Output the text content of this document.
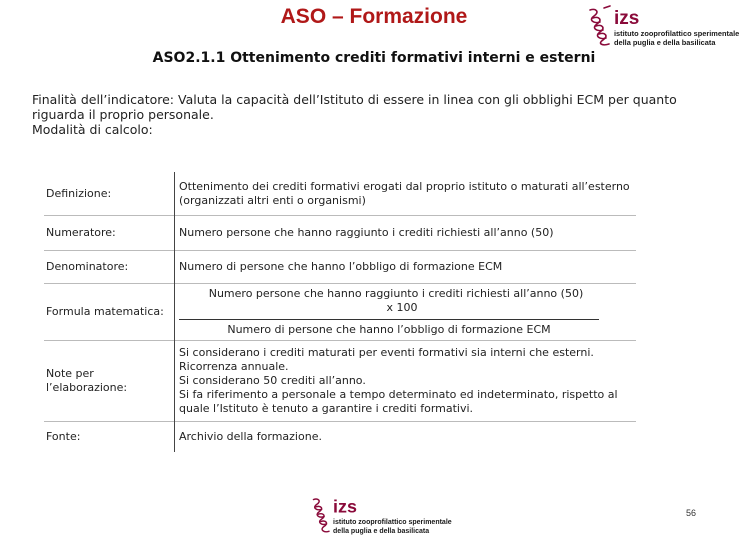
ASO – Formazione	izs
istituto zooprofilattico sperimentale
della puglia e della basilicata
ASO2.1.1 Ottenimento crediti formativi interni e esterni

Finalità dell’indicatore: Valuta la capacità dell’Istituto di essere in linea con gli obblighi ECM per quanto riguarda il proprio personale.

Modalità di calcolo:

Definizione:	Ottenimento dei crediti formativi erogati dal proprio istituto o maturati all’esterno (organizzati altri enti o organismi)
Numeratore:	Numero persone che hanno raggiunto i crediti richiesti all’anno (50)
Denominatore:	Numero di persone che hanno l’obbligo di formazione ECM
Formula matematica:	Numero persone che hanno raggiunto i crediti richiesti all’anno (50)x 100
Numero di persone che hanno l’obbligo di formazione ECM

Note per l’elaborazione:	Si considerano i crediti maturati per eventi formativi sia interni che esterni.
Ricorrenza annuale.
Si considerano 50 crediti all’anno.
Si fa riferimento a personale a tempo determinato ed indeterminato, rispetto al quale l’Istituto è tenuto a garantire i crediti formativi.

Fonte:	Archivio della formazione.
izs
istituto zooprofilattico sperimentale
della puglia e della basilicata
56
